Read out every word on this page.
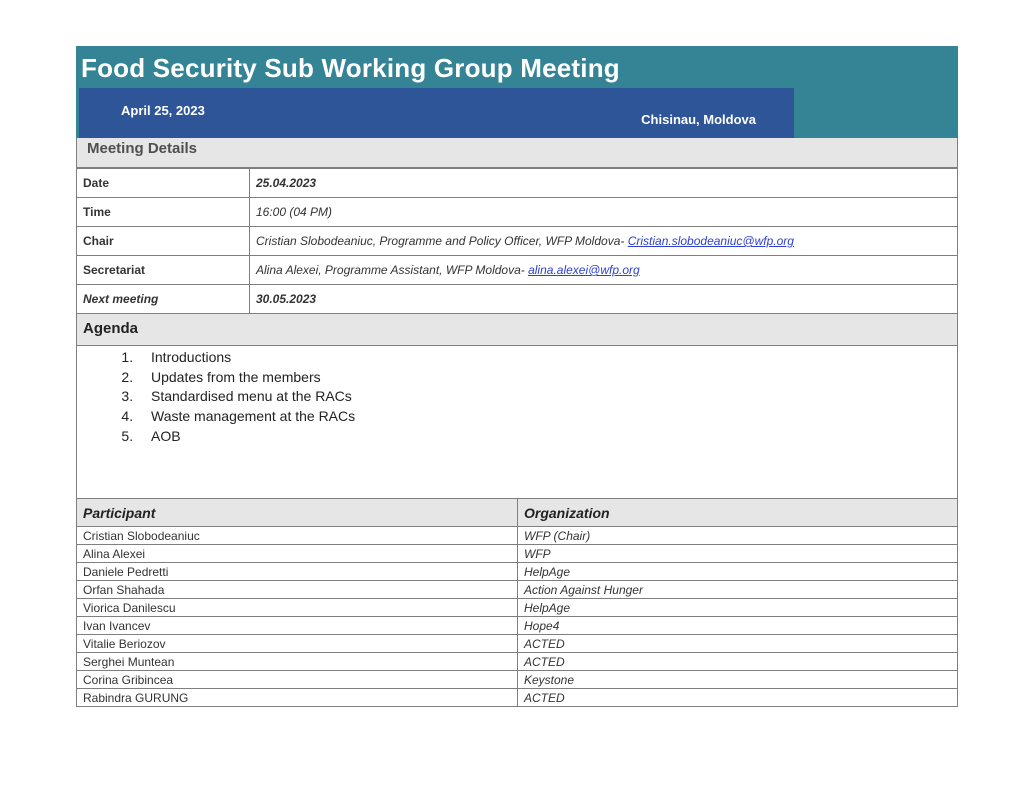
Food Security Sub Working Group Meeting
April 25, 2023
Chisinau, Moldova
Meeting Details
Date	25.04.2023
Time	16:00 (04 PM)
Chair	Cristian Slobodeaniuc, Programme and Policy Officer, WFP Moldova- Cristian.slobodeaniuc@wfp.org
Secretariat	Alina Alexei, Programme Assistant, WFP Moldova- alina.alexei@wfp.org
Next meeting	30.05.2023
Agenda
1. Introductions
2. Updates from the members
3. Standardised menu at the RACs
4. Waste management at the RACs
5. AOB
Participant	Organization
Cristian Slobodeaniuc	WFP (Chair)
Alina Alexei	WFP
Daniele Pedretti	HelpAge
Orfan Shahada	Action Against Hunger
Viorica Danilescu	HelpAge
Ivan Ivancev	Hope4
Vitalie Beriozov	ACTED
Serghei Muntean	ACTED
Corina Gribincea	Keystone
Rabindra GURUNG	ACTED
